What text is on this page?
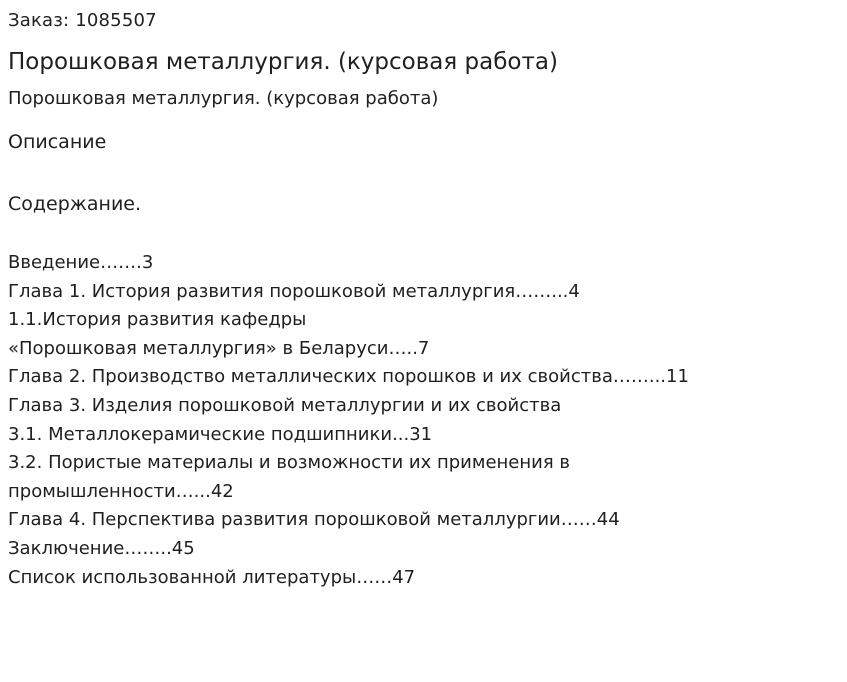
Заказ: 1085507
Порошковая металлургия. (курсовая работа)
Порошковая металлургия. (курсовая работа)
Описание
Содержание.
Введение…….3
Глава 1. История развития порошковой металлургия……...4
1.1.История развития кафедры
«Порошковая металлургия» в Беларуси…..7
Глава 2. Производство металлических порошков и их свойства……...11
Глава 3. Изделия порошковой металлургии и их свойства
3.1. Металлокерамические подшипники...31
3.2. Пористые материалы и возможности их применения в промышленности…...42
Глава 4. Перспектива развития порошковой металлургии……44
Заключение……..45
Список использованной литературы……47
